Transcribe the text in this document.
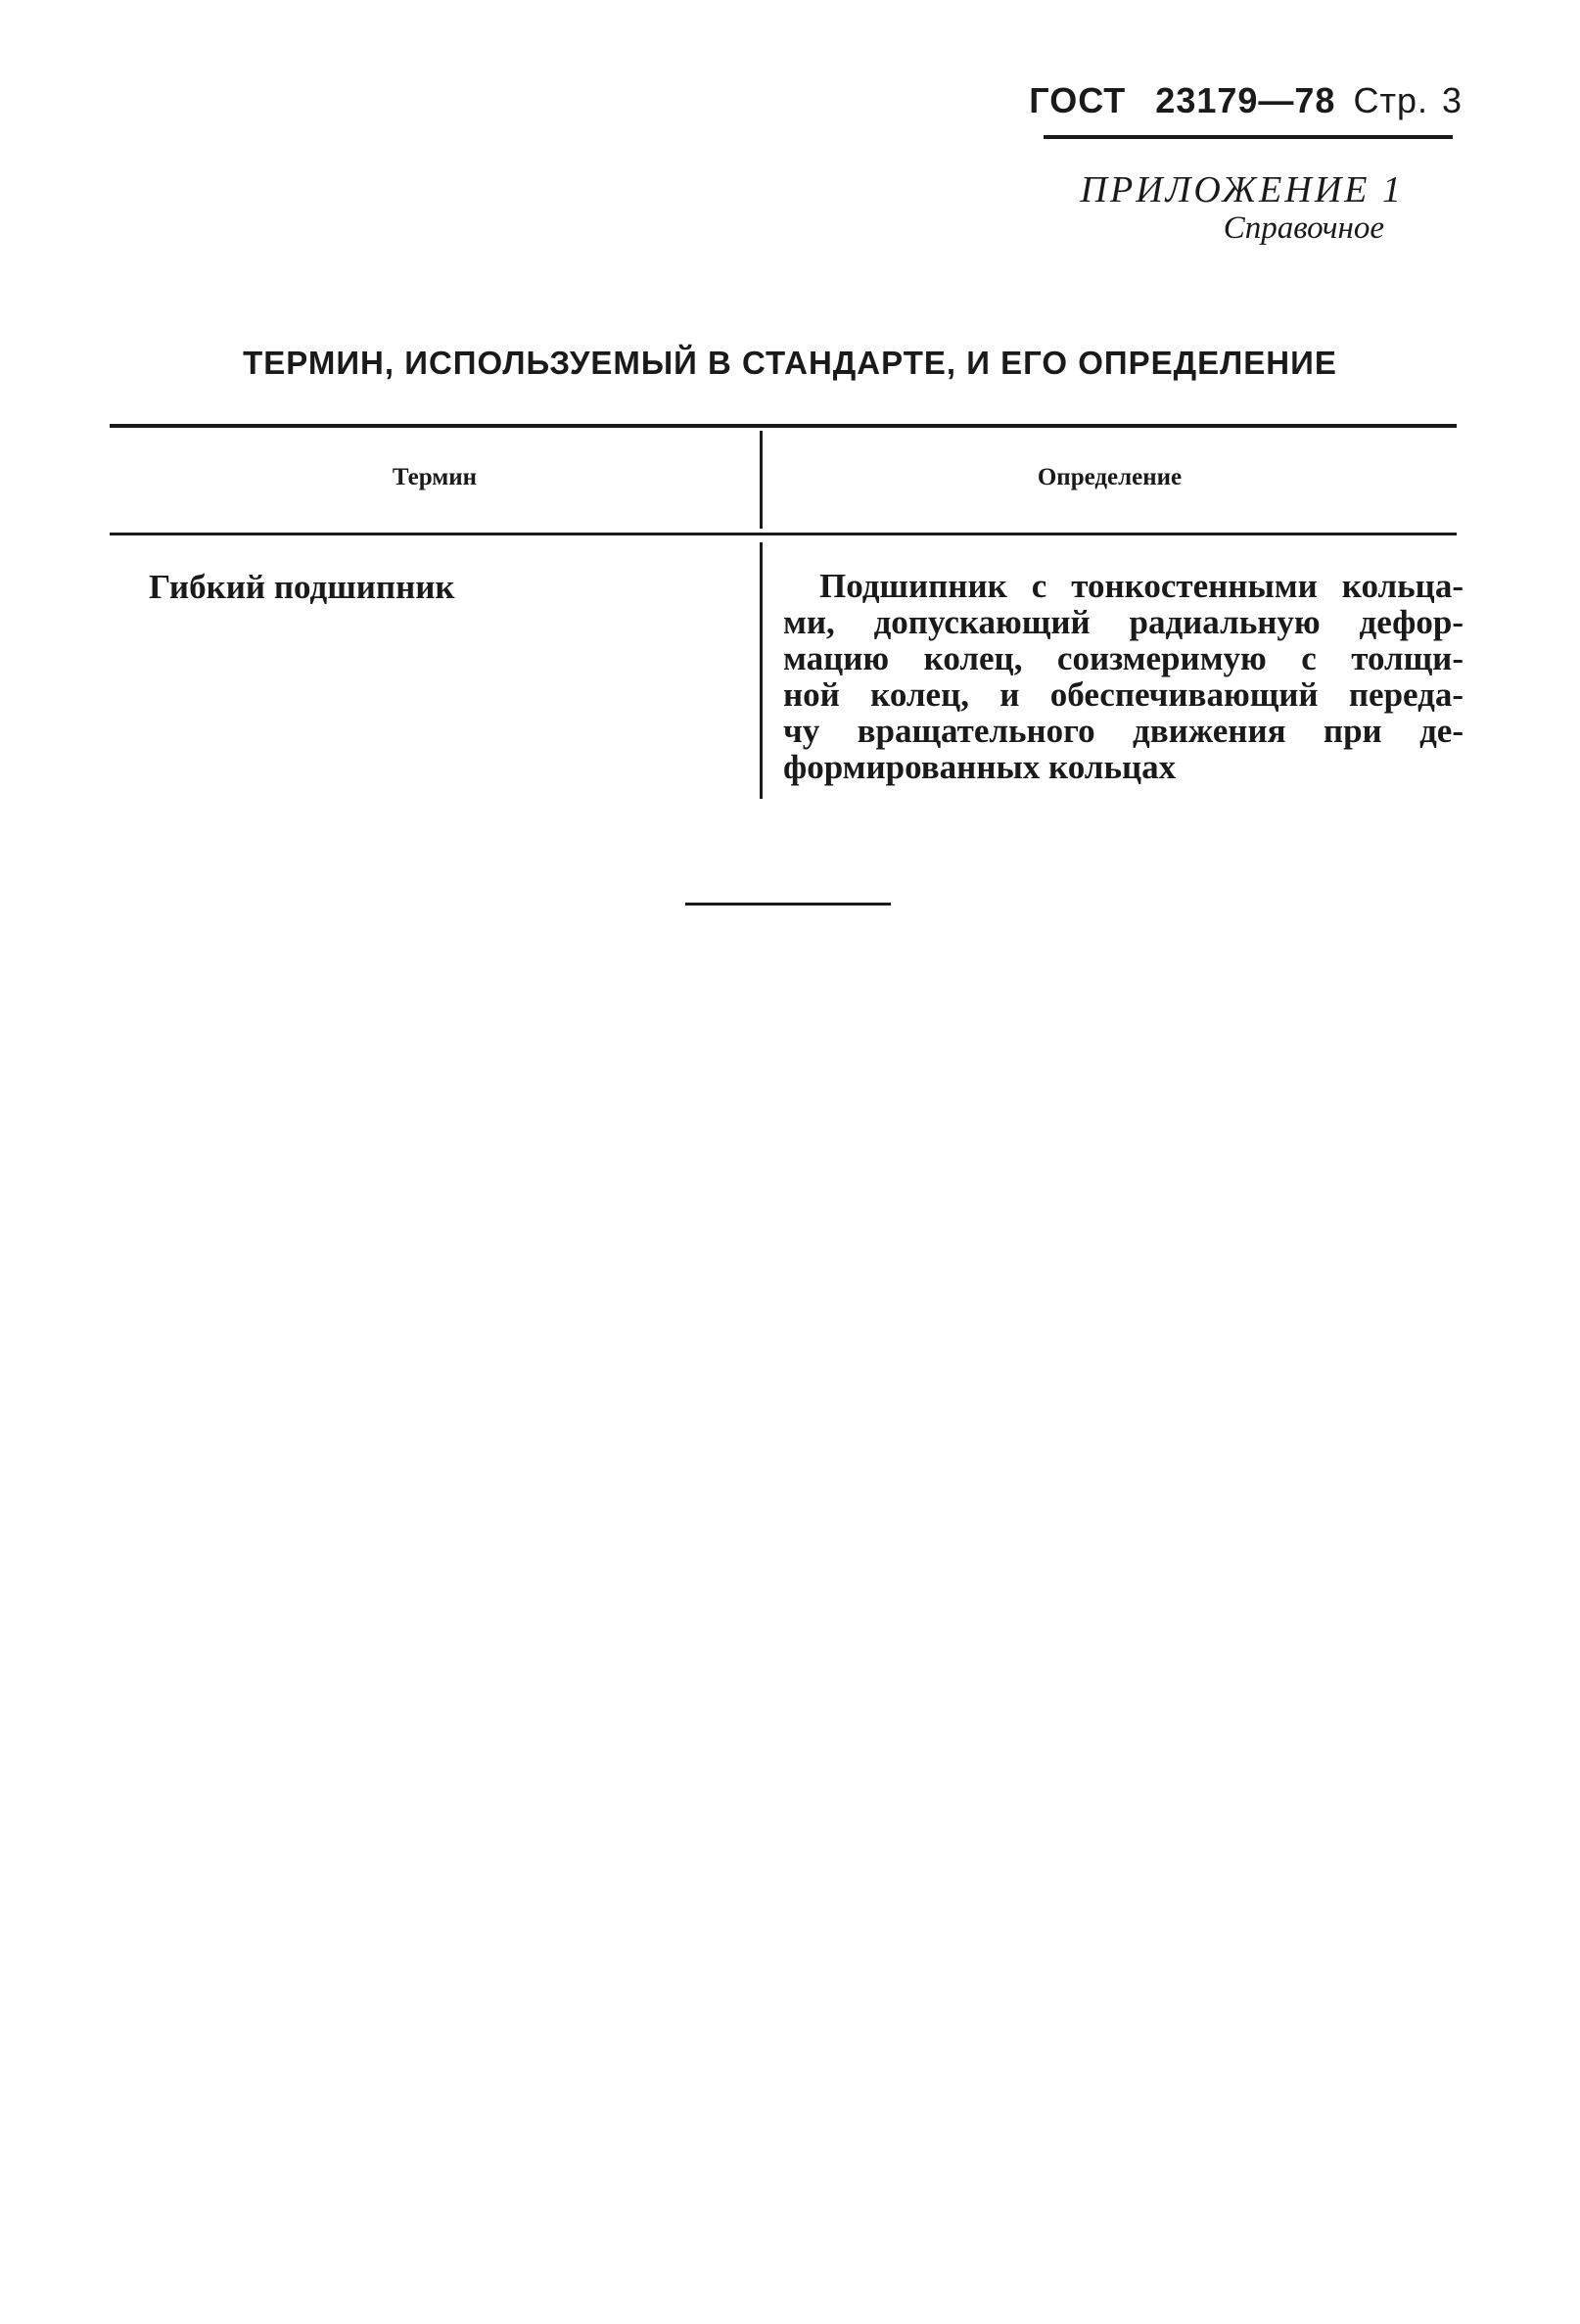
ГОСТ 23179—78 Стр. 3
ПРИЛОЖЕНИЕ 1
Справочное
ТЕРМИН, ИСПОЛЬЗУЕМЫЙ В СТАНДАРТЕ, И ЕГО ОПРЕДЕЛЕНИЕ
Термин	Определение
Гибкий подшипник	Подшипник с тонкостенными кольца-
ми, допускающий радиальную дефор-
мацию колец, соизмеримую с толщи-
ной колец, и обеспечивающий переда-
чу вращательного движения при де-
формированных кольцах
